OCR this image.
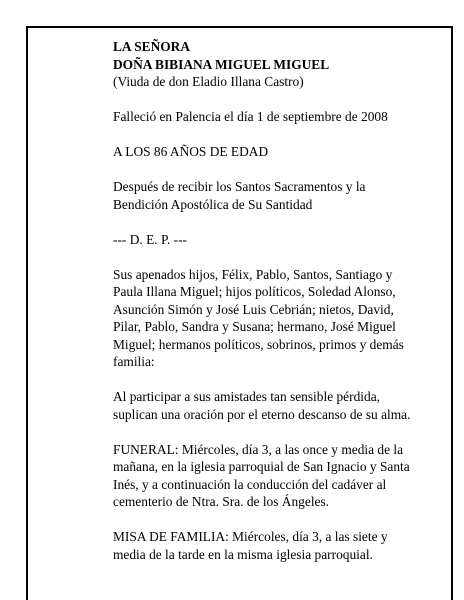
LA SEÑORA
DOÑA BIBIANA MIGUEL MIGUEL
(Viuda de don Eladio Illana Castro)

Falleció en Palencia el día 1 de septiembre de 2008

A LOS 86 AÑOS DE EDAD

Después de recibir los Santos Sacramentos y la Bendición Apostólica de Su Santidad

--- D. E. P. ---

Sus apenados hijos, Félix, Pablo, Santos, Santiago y Paula Illana Miguel; hijos políticos, Soledad Alonso, Asunción Simón y José Luis Cebrián; nietos, David, Pilar, Pablo, Sandra y Susana; hermano, José Miguel Miguel; hermanos políticos, sobrinos, primos y demás familia:

Al participar a sus amistades tan sensible pérdida, suplican una oración por el eterno descanso de su alma.

FUNERAL: Miércoles, día 3, a las once y media de la mañana, en la iglesia parroquial de San Ignacio y Santa Inés, y a continuación la conducción del cadáver al cementerio de Ntra. Sra. de los Ángeles.

MISA DE FAMILIA: Miércoles, día 3, a las siete y media de la tarde en la misma iglesia parroquial.
